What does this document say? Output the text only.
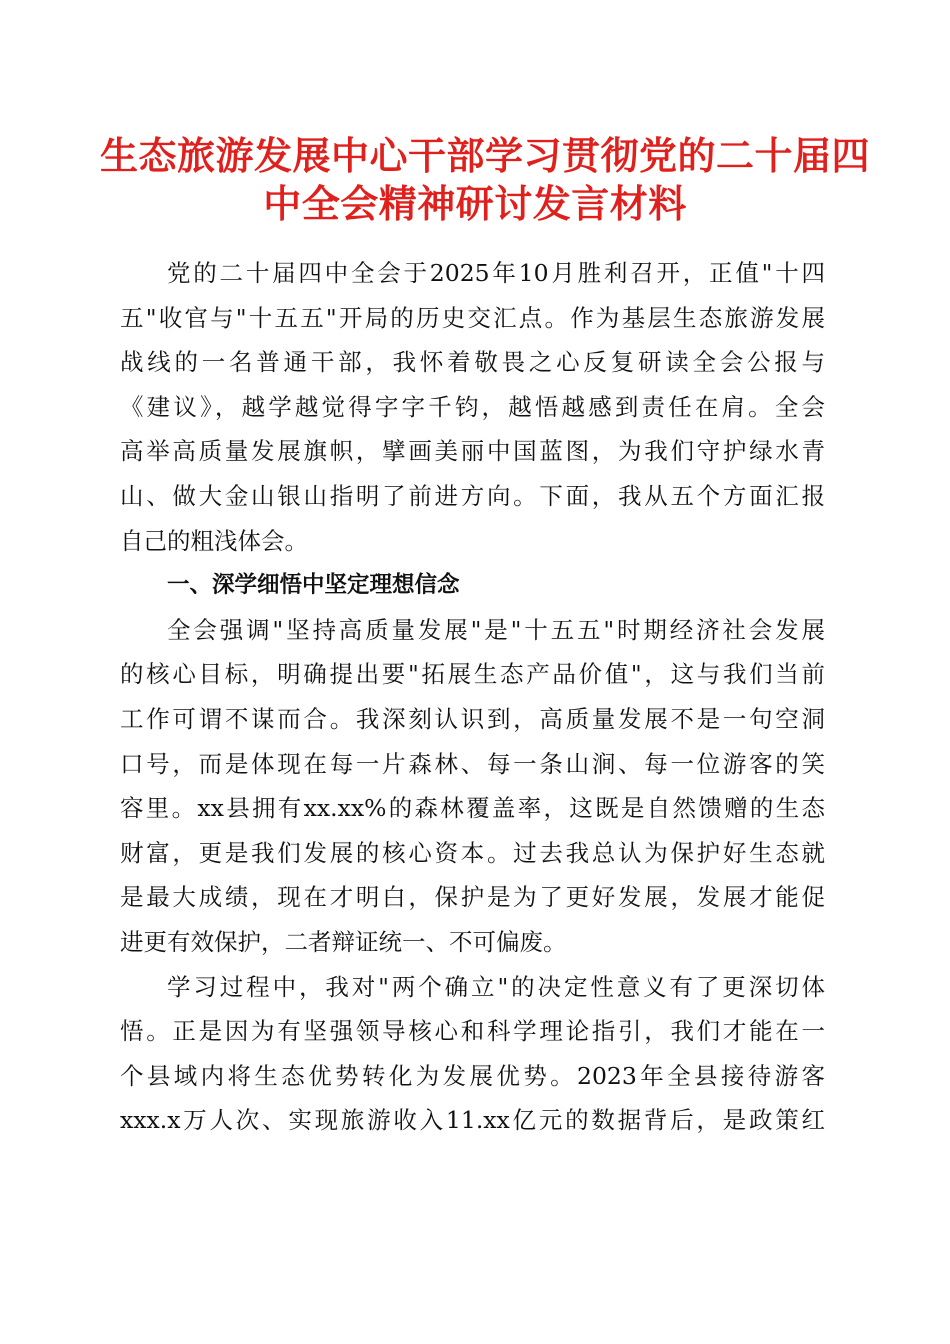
生态旅游发展中心干部学习贯彻党的二十届四
中全会精神研讨发言材料

党的二十届四中全会于2025年10月胜利召开，正值"十四
五"收官与"十五五"开局的历史交汇点。作为基层生态旅游发展
战线的一名普通干部，我怀着敬畏之心反复研读全会公报与
《建议》，越学越觉得字字千钧，越悟越感到责任在肩。全会
高举高质量发展旗帜，擘画美丽中国蓝图，为我们守护绿水青
山、做大金山银山指明了前进方向。下面，我从五个方面汇报
自己的粗浅体会。

一、深学细悟中坚定理想信念

全会强调"坚持高质量发展"是"十五五"时期经济社会发展
的核心目标，明确提出要"拓展生态产品价值"，这与我们当前
工作可谓不谋而合。我深刻认识到，高质量发展不是一句空洞
口号，而是体现在每一片森林、每一条山涧、每一位游客的笑
容里。xx县拥有xx.xx%的森林覆盖率，这既是自然馈赠的生态
财富，更是我们发展的核心资本。过去我总认为保护好生态就
是最大成绩，现在才明白，保护是为了更好发展，发展才能促
进更有效保护，二者辩证统一、不可偏废。

学习过程中，我对"两个确立"的决定性意义有了更深切体
悟。正是因为有坚强领导核心和科学理论指引，我们才能在一
个县域内将生态优势转化为发展优势。2023年全县接待游客
xxx.x万人次、实现旅游收入11.xx亿元的数据背后，是政策红
